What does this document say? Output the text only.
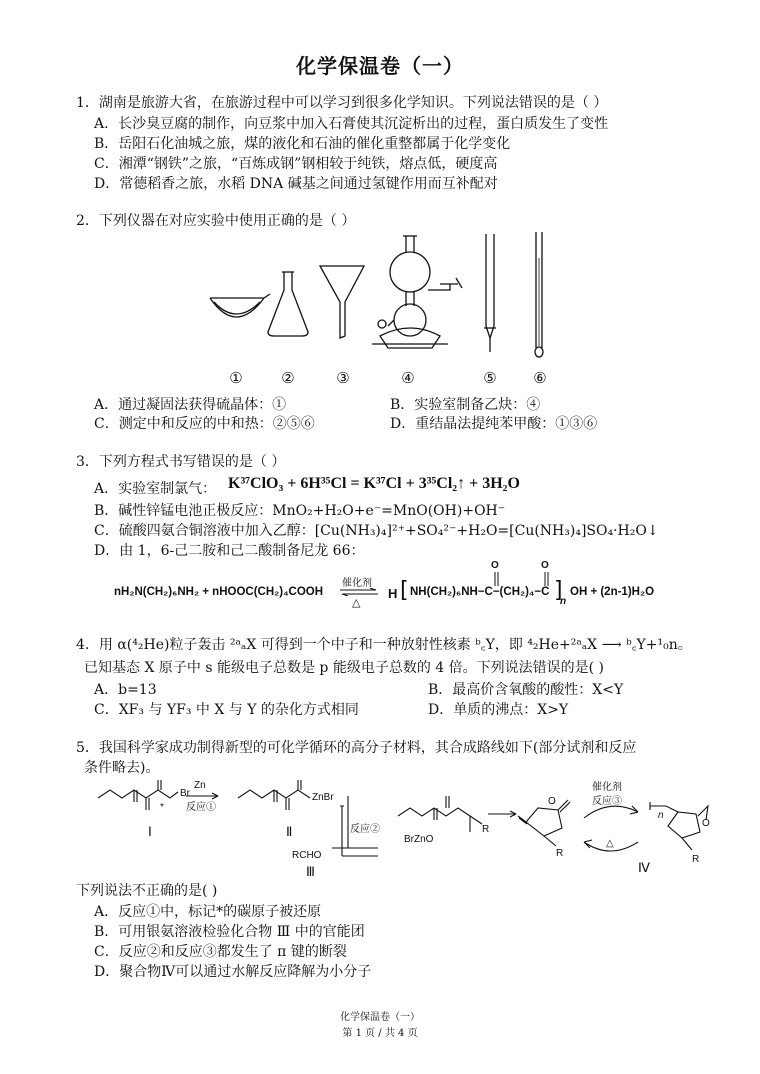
化学保温卷（一）
1．湖南是旅游大省，在旅游过程中可以学习到很多化学知识。下列说法错误的是（ ）
A．长沙臭豆腐的制作，向豆浆中加入石膏使其沉淀析出的过程，蛋白质发生了变性
B．岳阳石化油城之旅，煤的液化和石油的催化重整都属于化学变化
C．湘潭“钢铁”之旅，“百炼成钢”钢相较于纯铁，熔点低，硬度高
D．常德稻香之旅，水稻 DNA 碱基之间通过氢键作用而互补配对
2．下列仪器在对应实验中使用正确的是（ ）
①	②	③	④	⑤ ⑥
A．通过凝固法获得硫晶体：①	B．实验室制备乙炔：④
C．测定中和反应的中和热：②⑤⑥	D．重结晶法提纯苯甲酸：①③⑥
3．下列方程式书写错误的是（ ）
A．实验室制氯气： K³⁷ClO₃ + 6H³⁵Cl = K³⁷Cl + 3³⁵Cl₂↑ + 3H₂O
B．碱性锌锰电池正极反应：MnO₂+H₂O+e⁻=MnO(OH)+OH⁻
C．硫酸四氨合铜溶液中加入乙醇：[Cu(NH₃)₄]²⁺+SO₄²⁻+H₂O=[Cu(NH₃)₄]SO₄·H₂O↓
D．由 1，6-己二胺和己二酸制备尼龙 66：
nH₂N(CH₂)₆NH₂ + nHOOC(CH₂)₄COOH
催化剂
△
H [ NH(CH₂)₆NH−C−(CH₂)₄−C
O	O
]
n
OH + (2n-1)H₂O
4．用 α(⁴₂He)粒子轰击 ²ᵃₐX 可得到一个中子和一种放射性核素 ᵇ꜀Y，即 ⁴₂He+²ᵃₐX ⟶ ᵇ꜀Y+¹₀n。
已知基态 X 原子中 s 能级电子总数是 p 能级电子总数的 4 倍。下列说法错误的是( )
A．b=13	B．最高价含氧酸的酸性：X<Y
C．XF₃ 与 YF₃ 中 X 与 Y 的杂化方式相同	D．单质的沸点：X>Y
5．我国科学家成功制得新型的可化学循环的高分子材料，其合成路线如下(部分试剂和反应
条件略去)。
Br
*
Zn
反应①
ZnBr
反应②
RCHO
BrZnO
R
O
R
催化剂
反应③
△
n
O
R
Ⅰ	Ⅱ
Ⅲ	Ⅳ
下列说法不正确的是( )
A．反应①中，标记*的碳原子被还原
B．可用银氨溶液检验化合物 Ⅲ 中的官能团
C．反应②和反应③都发生了 π 键的断裂
D．聚合物Ⅳ可以通过水解反应降解为小分子
化学保温卷（一）
第 1 页 / 共 4 页
